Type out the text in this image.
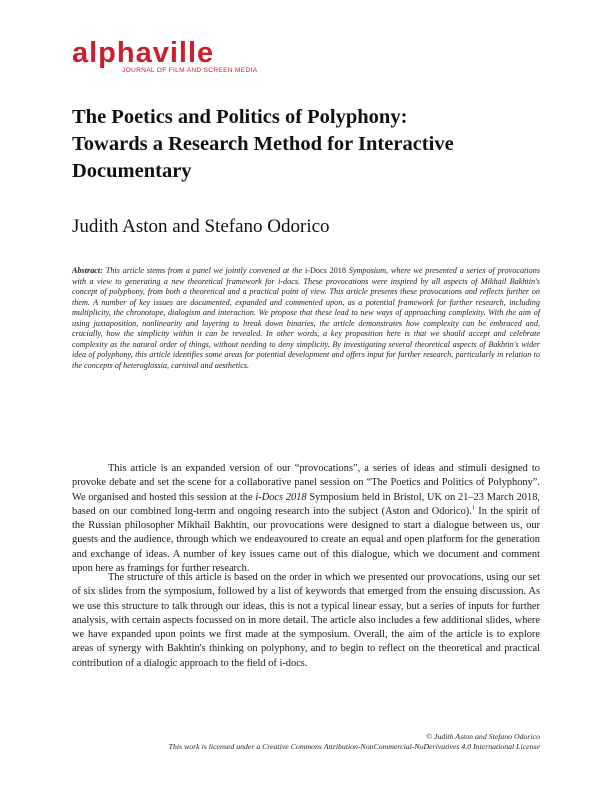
alphaville
JOURNAL OF FILM AND SCREEN MEDIA
The Poetics and Politics of Polyphony:
Towards a Research Method for Interactive
Documentary
Judith Aston and Stefano Odorico
Abstract: This article stems from a panel we jointly convened at the i-Docs 2018 Symposium, where we presented a series of provocations with a view to generating a new theoretical framework for i-docs. These provocations were inspired by all aspects of Mikhail Bakhtin's concept of polyphony, from both a theoretical and a practical point of view. This article presents these provocations and reflects further on them. A number of key issues are documented, expanded and commented upon, as a potential framework for further research, including multiplicity, the chronotope, dialogism and interaction. We propose that these lead to new ways of approaching complexity. With the aim of using juxtaposition, nonlinearity and layering to break down binaries, the article demonstrates how complexity can be embraced and, crucially, how the simplicity within it can be revealed. In other words, a key proposition here is that we should accept and celebrate complexity as the natural order of things, without needing to deny simplicity. By investigating several theoretical aspects of Bakhtin's wider idea of polyphony, this article identifies some areas for potential development and offers input for further research, particularly in relation to the concepts of heteroglossia, carnival and aesthetics.

This article is an expanded version of our “provocations”, a series of ideas and stimuli designed to provoke debate and set the scene for a collaborative panel session on “The Poetics and Politics of Polyphony”. We organised and hosted this session at the i-Docs 2018 Symposium held in Bristol, UK on 21–23 March 2018, based on our combined long-term and ongoing research into the subject (Aston and Odorico).$^1$ In the spirit of the Russian philosopher Mikhail Bakhtin, our provocations were designed to start a dialogue between us, our guests and the audience, through which we endeavoured to create an equal and open platform for the generation and exchange of ideas. A number of key issues came out of this dialogue, which we document and comment upon here as framings for further research.

The structure of this article is based on the order in which we presented our provocations, using our set of six slides from the symposium, followed by a list of keywords that emerged from the ensuing discussion. As we use this structure to talk through our ideas, this is not a typical linear essay, but a series of inputs for further analysis, with certain aspects focussed on in more detail. The article also includes a few additional slides, where we have expanded upon points we first made at the symposium. Overall, the aim of the article is to explore areas of synergy with Bakhtin's thinking on polyphony, and to begin to reflect on the theoretical and practical contribution of a dialogic approach to the field of i-docs.

© Judith Aston and Stefano Odorico
This work is licensed under a Creative Commons Attribution-NonCommercial-NoDerivatives 4.0 International License
